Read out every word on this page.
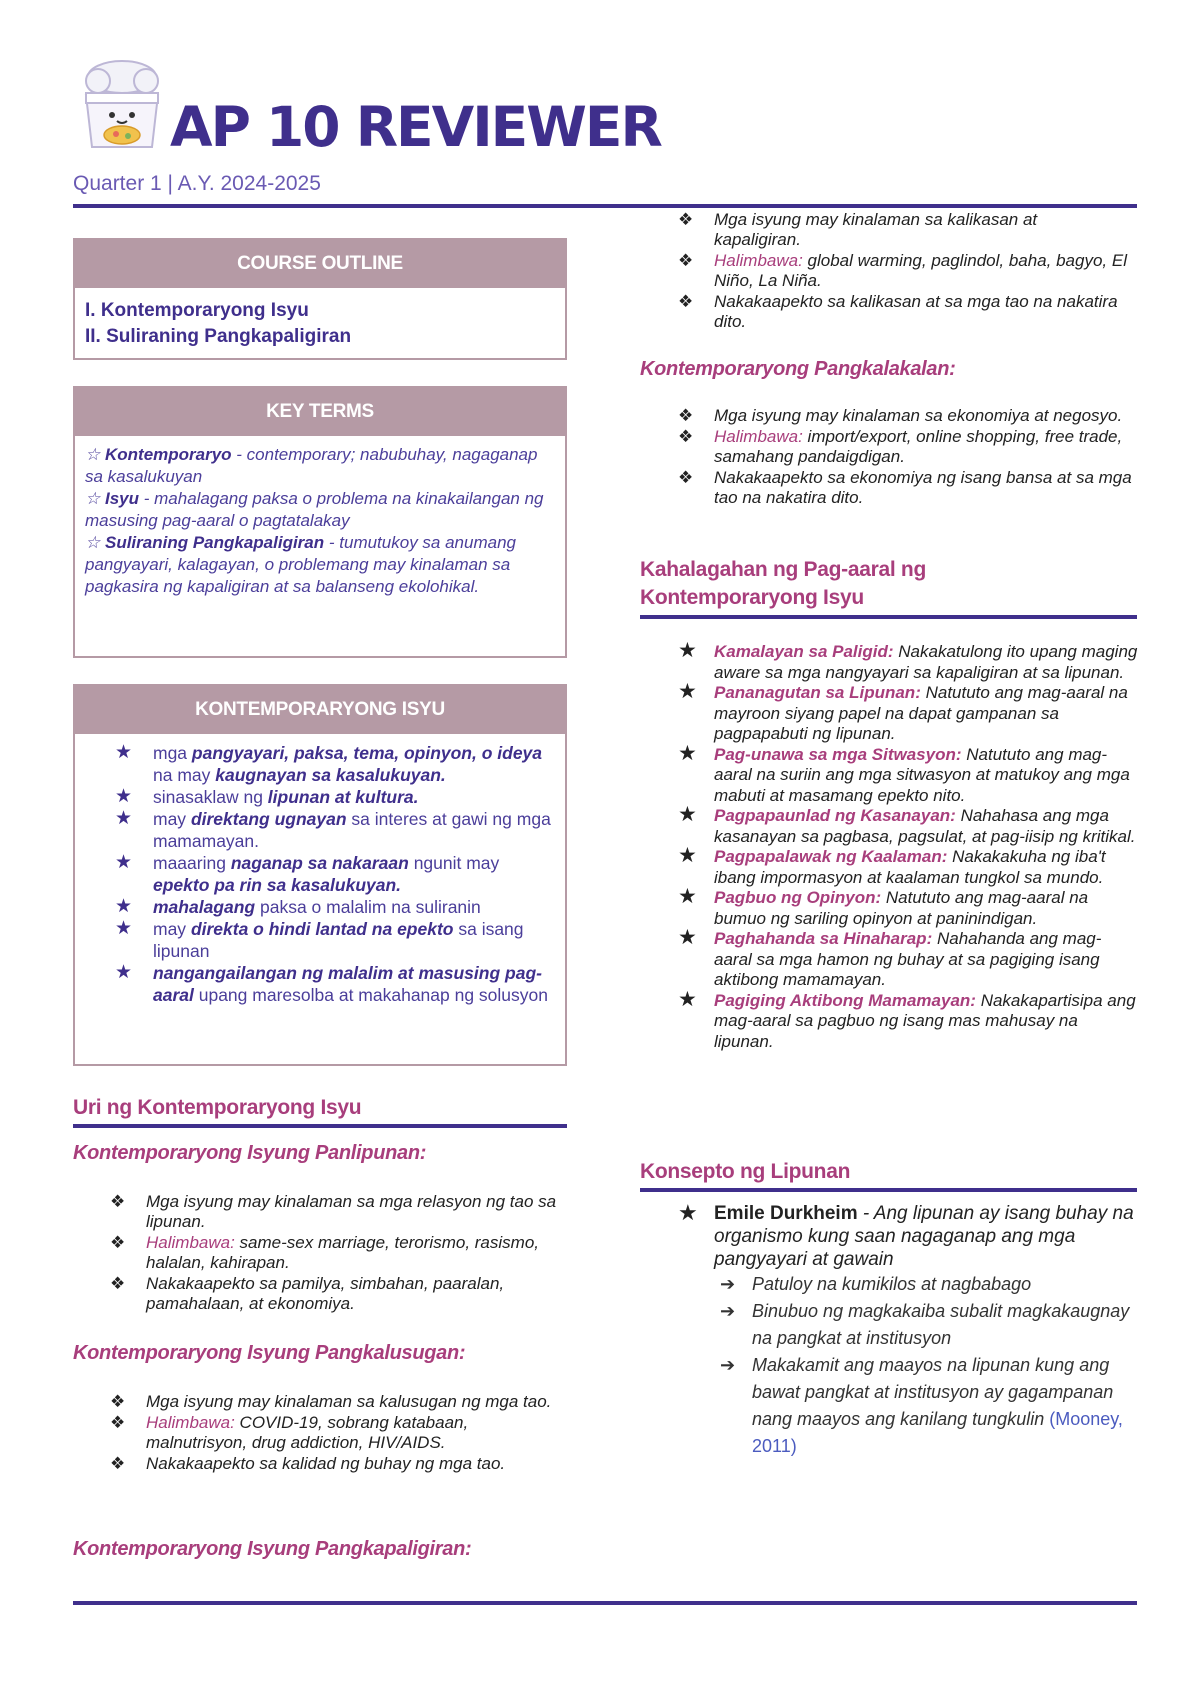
AP 10 REVIEWER
Quarter 1 | A.Y. 2024-2025
COURSE OUTLINE
I. Kontemporaryong Isyu
II. Suliraning Pangkapaligiran
KEY TERMS
☆ Kontemporaryo - contemporary; nabubuhay, nagaganap sa kasalukuyan
☆ Isyu - mahalagang paksa o problema na kinakailangan ng masusing pag-aaral o pagtatalakay
☆ Suliraning Pangkapaligiran - tumutukoy sa anumang pangyayari, kalagayan, o problemang may kinalaman sa pagkasira ng kapaligiran at sa balanseng ekolohikal.
KONTEMPORARYONG ISYU
★ mga pangyayari, paksa, tema, opinyon, o ideya na may kaugnayan sa kasalukuyan.
★ sinasaklaw ng lipunan at kultura.
★ may direktang ugnayan sa interes at gawi ng mga mamamayan.
★ maaaring naganap sa nakaraan ngunit may epekto pa rin sa kasalukuyan.
★ mahalagang paksa o malalim na suliranin
★ may direkta o hindi lantad na epekto sa isang lipunan
★ nangangailangan ng malalim at masusing pag-aaral upang maresolba at makahanap ng solusyon
Uri ng Kontemporaryong Isyu
Kontemporaryong Isyung Panlipunan:
❖ Mga isyung may kinalaman sa mga relasyon ng tao sa lipunan.
❖ Halimbawa: same-sex marriage, terorismo, rasismo, halalan, kahirapan.
❖ Nakakaapekto sa pamilya, simbahan, paaralan, pamahalaan, at ekonomiya.
Kontemporaryong Isyung Pangkalusugan:
❖ Mga isyung may kinalaman sa kalusugan ng mga tao.
❖ Halimbawa: COVID-19, sobrang katabaan, malnutrisyon, drug addiction, HIV/AIDS.
❖ Nakakaapekto sa kalidad ng buhay ng mga tao.
Kontemporaryong Isyung Pangkapaligiran:
❖ Mga isyung may kinalaman sa kalikasan at kapaligiran.
❖ Halimbawa: global warming, paglindol, baha, bagyo, El Niño, La Niña.
❖ Nakakaapekto sa kalikasan at sa mga tao na nakatira dito.
Kontemporaryong Pangkalakalan:
❖ Mga isyung may kinalaman sa ekonomiya at negosyo.
❖ Halimbawa: import/export, online shopping, free trade, samahang pandaigdigan.
❖ Nakakaapekto sa ekonomiya ng isang bansa at sa mga tao na nakatira dito.
Kahalagahan ng Pag-aaral ng Kontemporaryong Isyu
★ Kamalayan sa Paligid: Nakakatulong ito upang maging aware sa mga nangyayari sa kapaligiran at sa lipunan.
★ Pananagutan sa Lipunan: Natututo ang mag-aaral na mayroon siyang papel na dapat gampanan sa pagpapabuti ng lipunan.
★ Pag-unawa sa mga Sitwasyon: Natututo ang mag-aaral na suriin ang mga sitwasyon at matukoy ang mga mabuti at masamang epekto nito.
★ Pagpapaunlad ng Kasanayan: Nahahasa ang mga kasanayan sa pagbasa, pagsulat, at pag-iisip ng kritikal.
★ Pagpapalawak ng Kaalaman: Nakakakuha ng iba't ibang impormasyon at kaalaman tungkol sa mundo.
★ Pagbuo ng Opinyon: Natututo ang mag-aaral na bumuo ng sariling opinyon at paninindigan.
★ Paghahanda sa Hinaharap: Nahahanda ang mag-aaral sa mga hamon ng buhay at sa pagiging isang aktibong mamamayan.
★ Pagiging Aktibong Mamamayan: Nakakapartisipa ang mag-aaral sa pagbuo ng isang mas mahusay na lipunan.
Konsepto ng Lipunan
★ Emile Durkheim - Ang lipunan ay isang buhay na organismo kung saan nagaganap ang mga pangyayari at gawain
➔ Patuloy na kumikilos at nagbabago
➔ Binubuo ng magkakaiba subalit magkakaugnay na pangkat at institusyon
➔ Makakamit ang maayos na lipunan kung ang bawat pangkat at institusyon ay gagampanan nang maayos ang kanilang tungkulin (Mooney, 2011)
